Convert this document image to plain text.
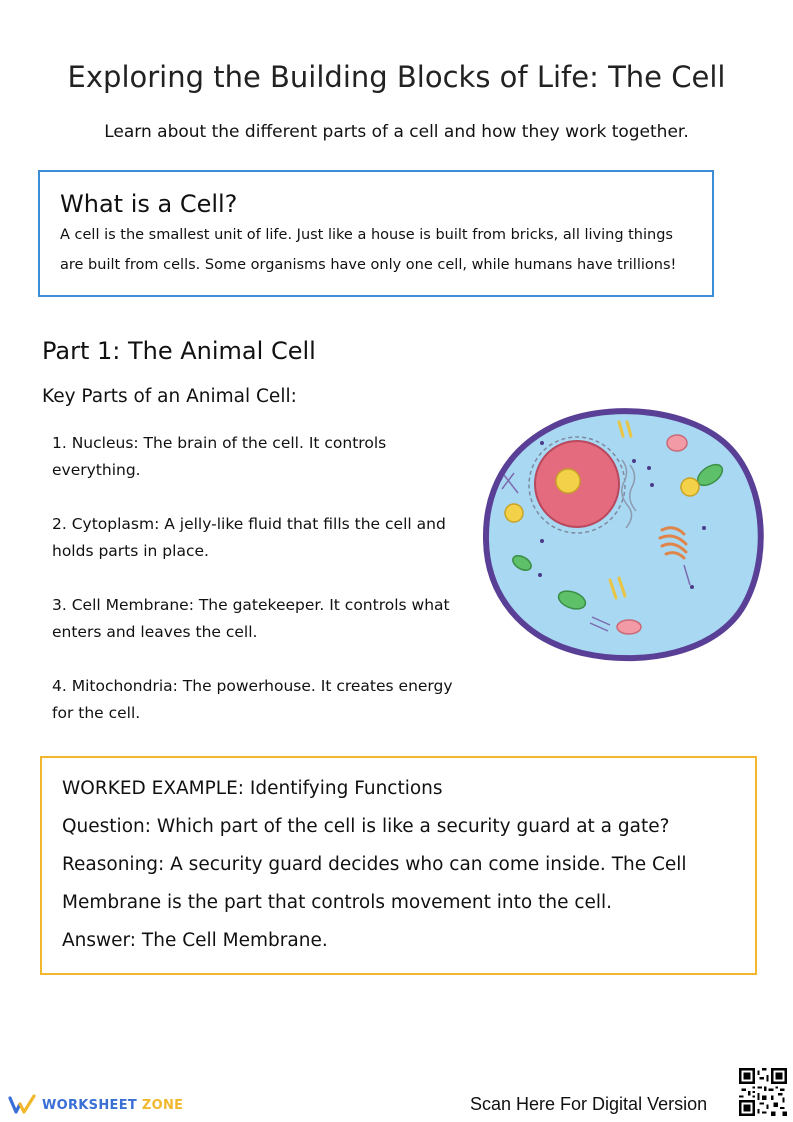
Exploring the Building Blocks of Life: The Cell
Learn about the different parts of a cell and how they work together.
What is a Cell?

A cell is the smallest unit of life. Just like a house is built from bricks, all living things are built from cells. Some organisms have only one cell, while humans have trillions!

Part 1: The Animal Cell
Key Parts of an Animal Cell:
1. Nucleus: The brain of the cell. It controls everything.
2. Cytoplasm: A jelly-like fluid that fills the cell and holds parts in place.
3. Cell Membrane: The gatekeeper. It controls what enters and leaves the cell.
4. Mitochondria: The powerhouse. It creates energy for the cell.
WORKED EXAMPLE: Identifying Functions
Question: Which part of the cell is like a security guard at a gate?
Reasoning: A security guard decides who can come inside. The Cell Membrane is the part that controls movement into the cell.
Answer: The Cell Membrane.
WORKSHEET ZONE	Scan Here For Digital Version
